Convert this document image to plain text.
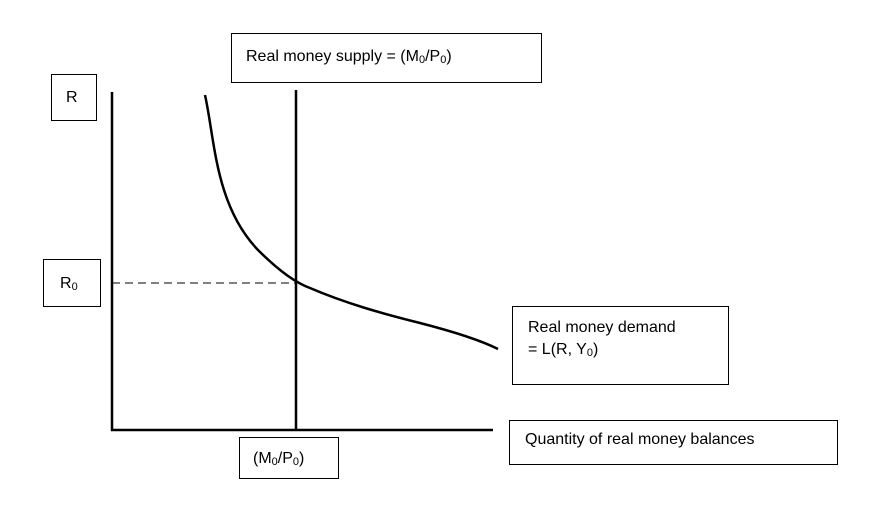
R
$R_0$
Real money supply = $(M_0/P_0)$
Real money demand
= L(R, $Y_0$)
Quantity of real money balances
$(M_0/P_0)$
